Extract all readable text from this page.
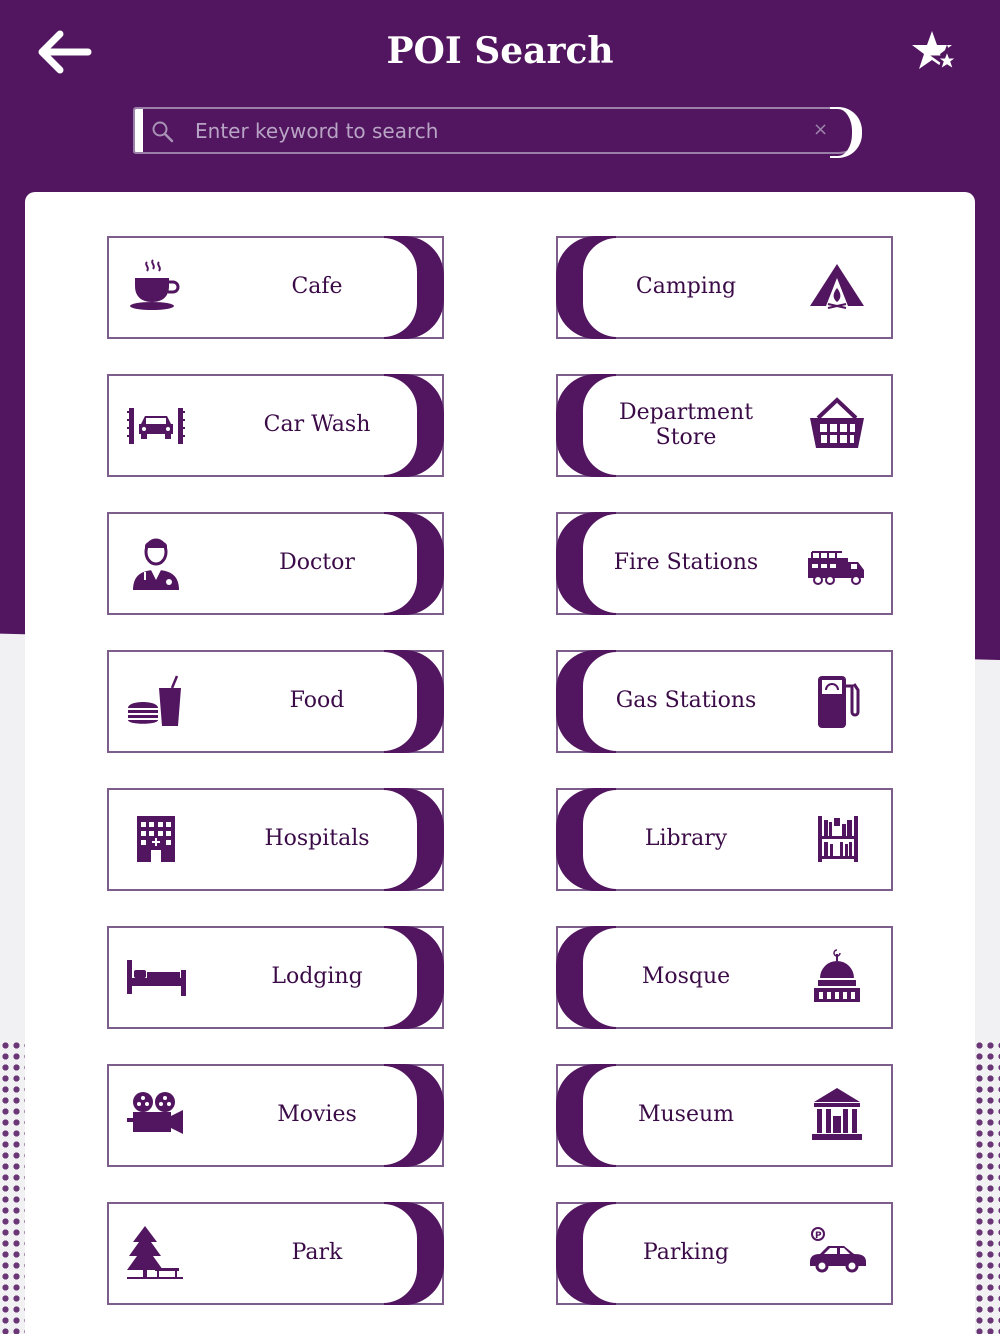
POI Search
Enter keyword to search
×
Cafe	Camping
Car Wash	Department Store
Doctor	Fire Stations
Food	Gas Stations
Hospitals	Library
Lodging	Mosque
Movies	Museum
Park
P
Parking
